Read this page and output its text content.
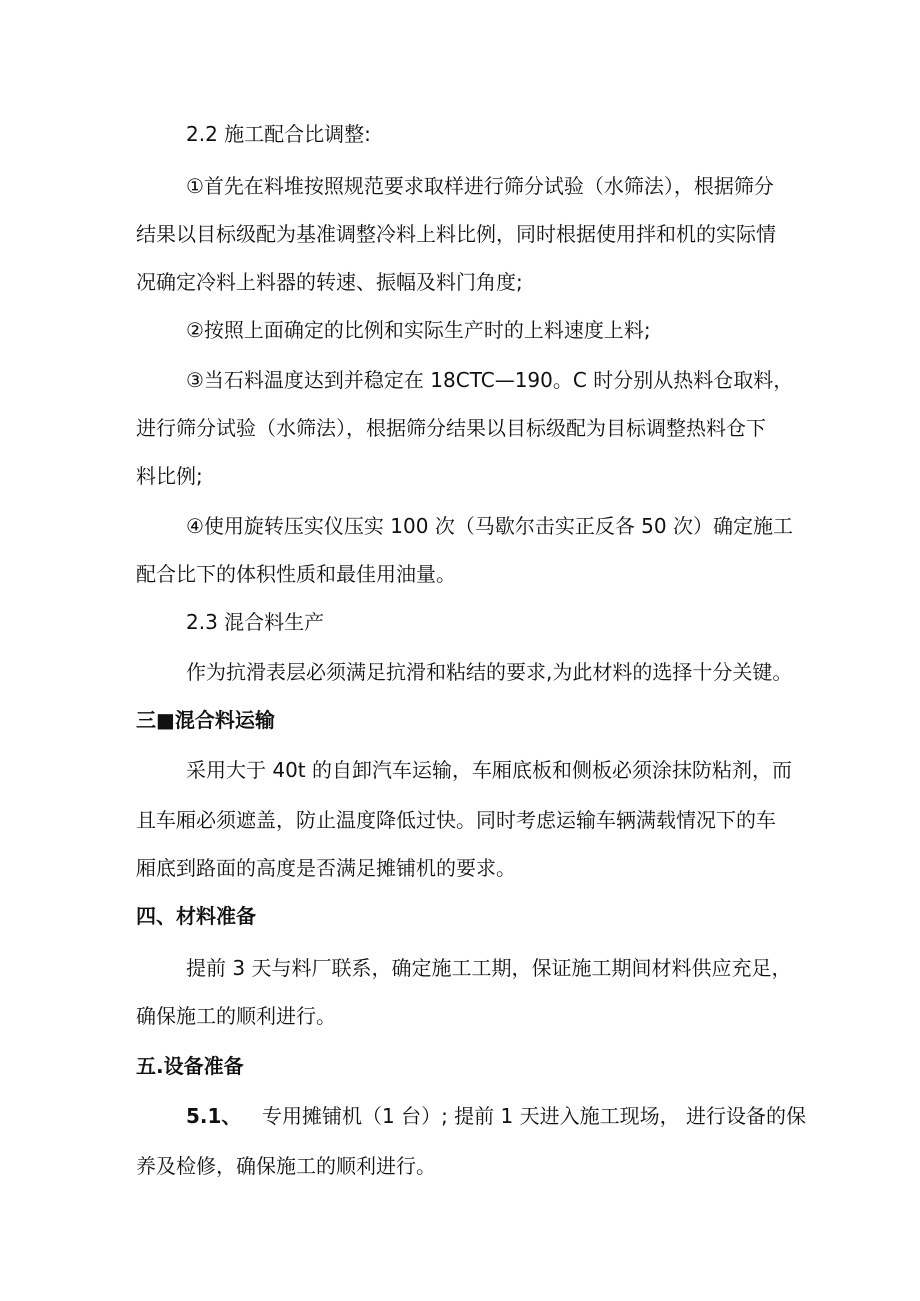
2.2 施工配合比调整:
①首先在料堆按照规范要求取样进行筛分试验（水筛法），根据筛分
结果以目标级配为基准调整冷料上料比例，同时根据使用拌和机的实际情
况确定冷料上料器的转速、振幅及料门角度;
②按照上面确定的比例和实际生产时的上料速度上料;
③当石料温度达到并稳定在 18CTC—190。C 时分别从热料仓取料，
进行筛分试验（水筛法），根据筛分结果以目标级配为目标调整热料仓下
料比例;
④使用旋转压实仪压实 100 次（马歇尔击实正反各 50 次）确定施工
配合比下的体积性质和最佳用油量。
2.3 混合料生产
作为抗滑表层必须满足抗滑和粘结的要求,为此材料的选择十分关键。
三■混合料运输
采用大于 40t 的自卸汽车运输，车厢底板和侧板必须涂抹防粘剂，而
且车厢必须遮盖，防止温度降低过快。同时考虑运输车辆满载情况下的车
厢底到路面的高度是否满足摊铺机的要求。
四、材料准备
提前 3 天与料厂联系，确定施工工期，保证施工期间材料供应充足，
确保施工的顺利进行。
五.设备准备
5.1、	专用摊铺机（1 台）; 提前 1 天进入施工现场， 进行设备的保
养及检修，确保施工的顺利进行。
